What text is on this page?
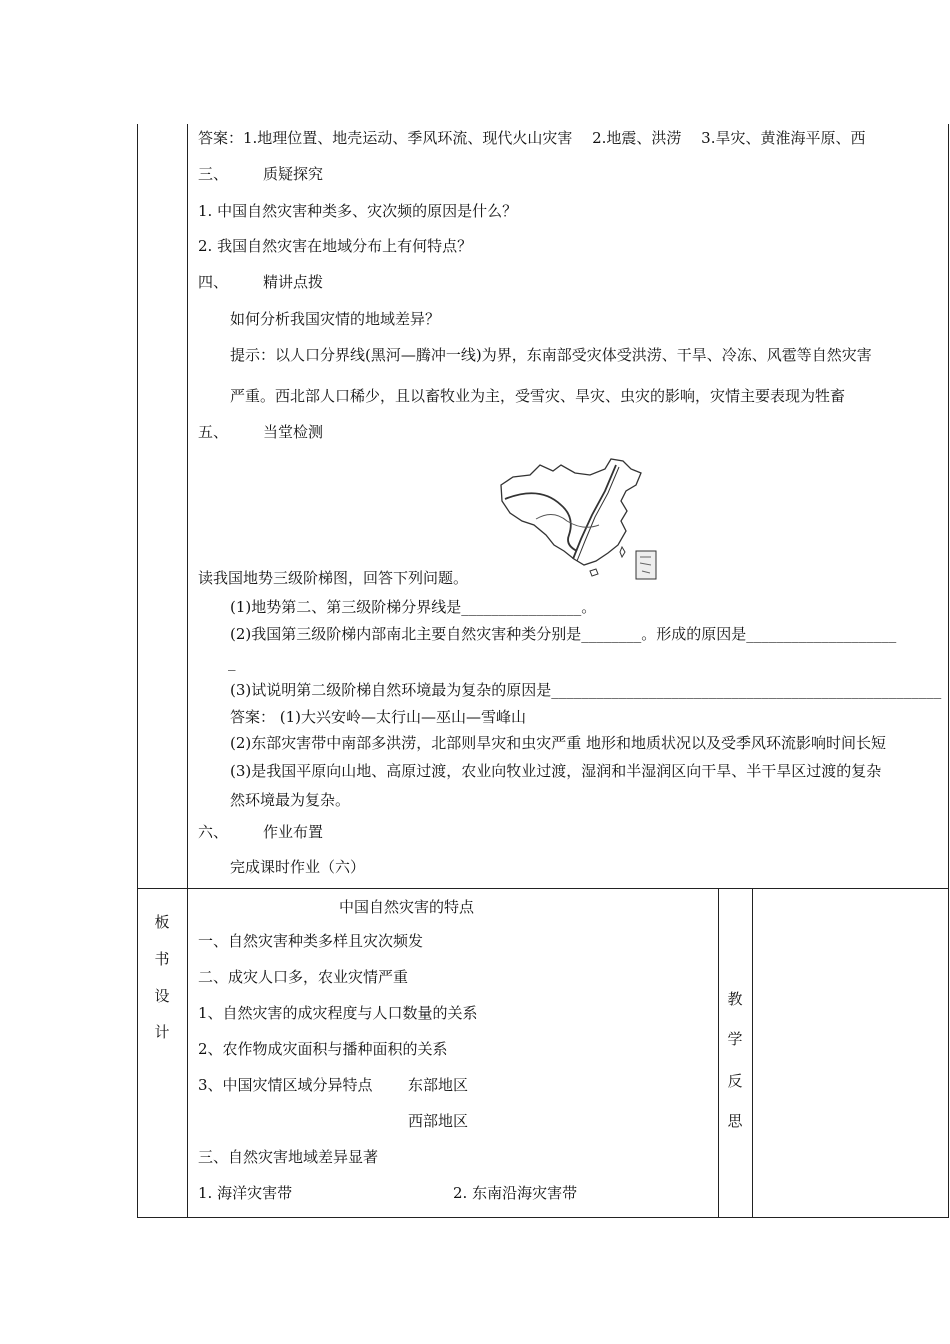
答案：1.地理位置、地壳运动、季风环流、现代火山灾害　 2.地震、洪涝　 3.旱灾、黄淮海平原、西
三、 质疑探究
1. 中国自然灾害种类多、灾次频的原因是什么？
2. 我国自然灾害在地域分布上有何特点？
四、 精讲点拨
如何分析我国灾情的地域差异？
提示：以人口分界线(黑河—腾冲一线)为界，东南部受灾体受洪涝、干旱、冷冻、风雹等自然灾害
严重。西北部人口稀少，且以畜牧业为主，受雪灾、旱灾、虫灾的影响，灾情主要表现为牲畜
五、 当堂检测
读我国地势三级阶梯图，回答下列问题。
(1)地势第二、第三级阶梯分界线是________________。
(2)我国第三级阶梯内部南北主要自然灾害种类分别是________。形成的原因是____________________
_
(3)试说明第二级阶梯自然环境最为复杂的原因是____________________________________________________
答案： (1)大兴安岭—太行山—巫山—雪峰山
(2)东部灾害带中南部多洪涝，北部则旱灾和虫灾严重 地形和地质状况以及受季风环流影响时间长短
(3)是我国平原向山地、高原过渡，农业向牧业过渡，湿润和半湿润区向干旱、半干旱区过渡的复杂
然环境最为复杂。
六、 作业布置
完成课时作业（六）
板
书
设
计
教
学
反
思
中国自然灾害的特点
一、自然灾害种类多样且灾次频发
二、成灾人口多，农业灾情严重
1、自然灾害的成灾程度与人口数量的关系
2、农作物成灾面积与播种面积的关系
3、中国灾情区域分异特点 东部地区
西部地区
三、自然灾害地域差异显著
1. 海洋灾害带	2. 东南沿海灾害带
